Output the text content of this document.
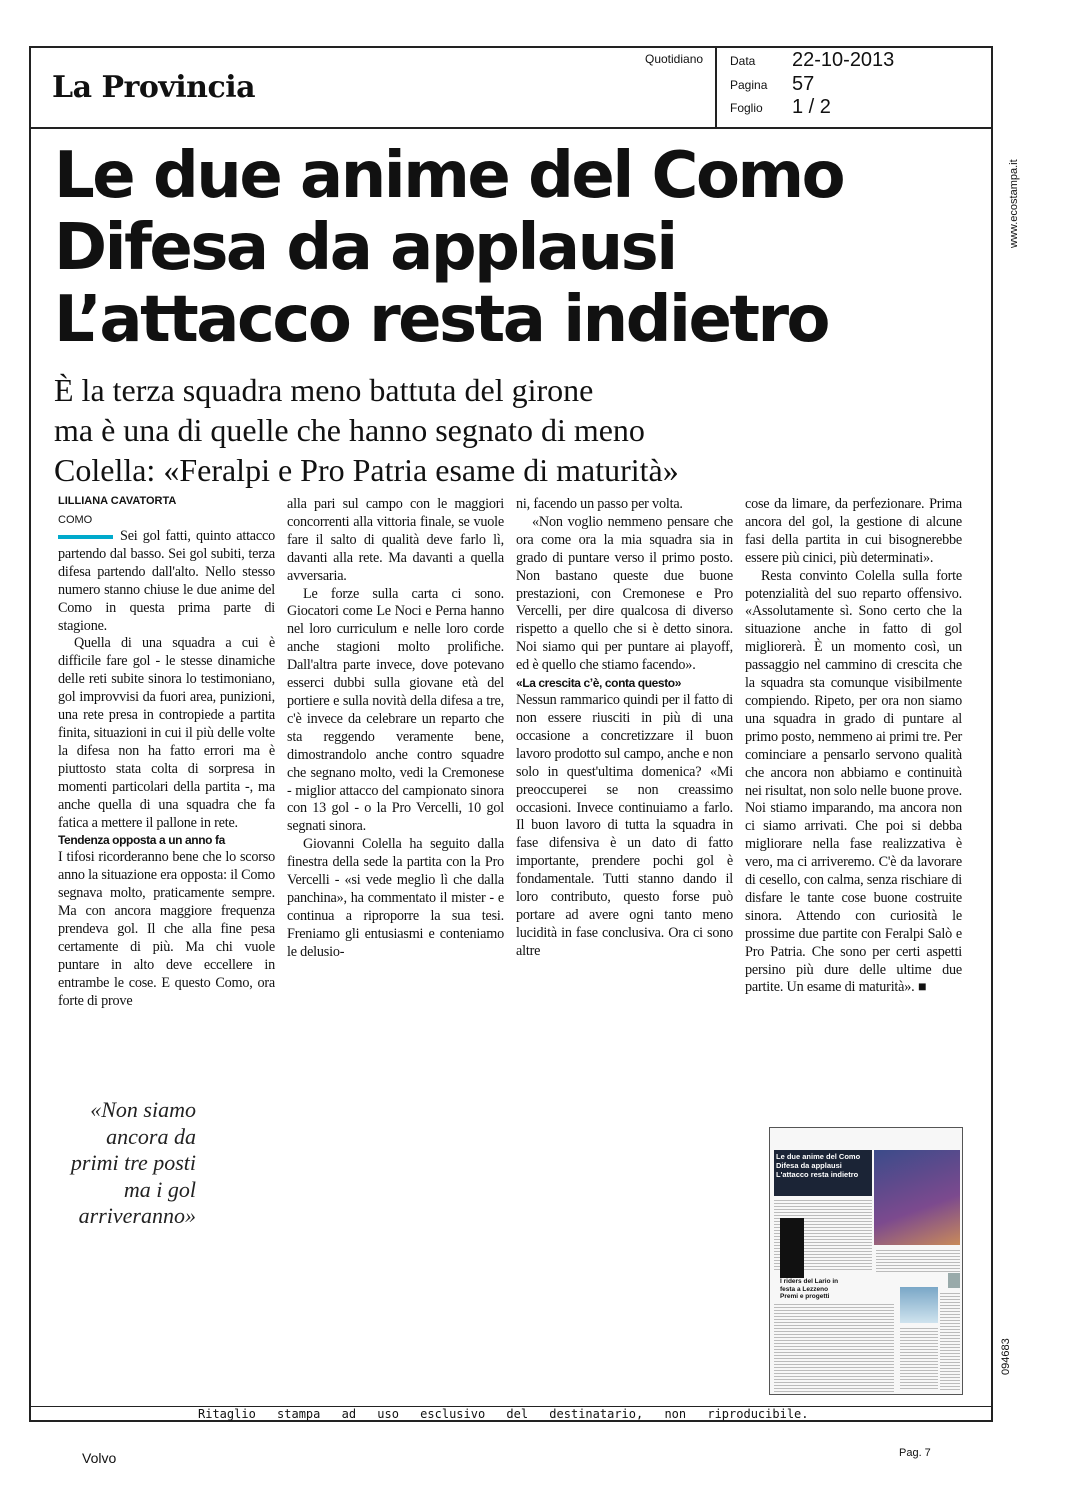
La Provincia
Quotidiano Data 22-10-2013
Pagina 57
Foglio 1 / 2
www.ecostampa.it
094683
Le due anime del Como
Difesa da applausi
L’attacco resta indietro
È la terza squadra meno battuta del girone
ma è una di quelle che hanno segnato di meno
Colella: «Feralpi e Pro Patria esame di maturità»
LILLIANA CAVATORTA
COMO

Sei gol fatti, quinto attacco partendo dal basso. Sei gol subiti, terza difesa partendo dall'alto. Nello stesso numero stanno chiuse le due anime del Como in questa prima parte di stagione.

Quella di una squadra a cui è difficile fare gol - le stesse dinamiche delle reti subite sinora lo testimoniano, gol improvvisi da fuori area, punizioni, una rete presa in contropiede a partita finita, situazioni in cui il più delle volte la difesa non ha fatto errori ma è piuttosto stata colta di sorpresa in momenti particolari della partita -, ma anche quella di una squadra che fa fatica a mettere il pallone in rete.

Tendenza opposta a un anno fa

I tifosi ricorderanno bene che lo scorso anno la situazione era opposta: il Como segnava molto, praticamente sempre. Ma con ancora maggiore frequenza prendeva gol. Il che alla fine pesa certamente di più. Ma chi vuole puntare in alto deve eccellere in entrambe le cose. E questo Como, ora forte di prove

alla pari sul campo con le maggiori concorrenti alla vittoria finale, se vuole fare il salto di qualità deve farlo lì, davanti alla rete. Ma davanti a quella avversaria.

Le forze sulla carta ci sono. Giocatori come Le Noci e Perna hanno nel loro curriculum e nelle loro corde anche stagioni molto prolifiche. Dall'altra parte invece, dove potevano esserci dubbi sulla giovane età del portiere e sulla novità della difesa a tre, c'è invece da celebrare un reparto che sta reggendo veramente bene, dimostrandolo anche contro squadre che segnano molto, vedi la Cremonese - miglior attacco del campionato sinora con 13 gol - o la Pro Vercelli, 10 gol segnati sinora.

Giovanni Colella ha seguito dalla finestra della sede la partita con la Pro Vercelli - «si vede meglio lì che dalla panchina», ha commentato il mister - e continua a riproporre la sua tesi. Freniamo gli entusiasmi e conteniamo le delusio-

ni, facendo un passo per volta.

«Non voglio nemmeno pensare che ora come ora la mia squadra sia in grado di puntare verso il primo posto. Non bastano queste due buone prestazioni, con Cremonese e Pro Vercelli, per dire qualcosa di diverso rispetto a quello che si è detto sinora. Noi siamo qui per puntare ai playoff, ed è quello che stiamo facendo».

«La crescita c’è, conta questo»

Nessun rammarico quindi per il fatto di non essere riusciti in più di una occasione a concretizzare il buon lavoro prodotto sul campo, anche e non solo in quest'ultima domenica? «Mi preoccuperei se non creassimo occasioni. Invece continuiamo a farlo. Il buon lavoro di tutta la squadra in fase difensiva è un dato di fatto importante, prendere pochi gol è fondamentale. Tutti stanno dando il loro contributo, questo forse può portare ad avere ogni tanto meno lucidità in fase conclusiva. Ora ci sono altre

cose da limare, da perfezionare. Prima ancora del gol, la gestione di alcune fasi della partita in cui bisognerebbe essere più cinici, più determinati».

Resta convinto Colella sulla forte potenzialità del suo reparto offensivo. «Assolutamente sì. Sono certo che la situazione anche in fatto di gol migliorerà. È un momento così, un passaggio nel cammino di crescita che la squadra sta comunque visibilmente compiendo. Ripeto, per ora non siamo una squadra in grado di puntare al primo posto, nemmeno ai primi tre. Per cominciare a pensarlo servono qualità che ancora non abbiamo e continuità nei risultat, non solo nelle buone prove. Noi stiamo imparando, ma ancora non ci siamo arrivati. Che poi si debba migliorare nella fase realizzativa è vero, ma ci arriveremo. C'è da lavorare di cesello, con calma, senza rischiare di disfare le tante cose buone costruite sinora. Attendo con curiosità le prossime due partite con Feralpi Salò e Pro Patria. Che sono per certi aspetti persino più dure delle ultime due partite. Un esame di maturità». ■

«Non siamo ancora da primi tre posti ma i gol arriveranno»
Le due anime del Como Difesa da applausi L'attacco resta indietro
I riders del Lario in festa a Lezzeno Premi e progetti
Ritaglio stampa ad uso esclusivo del destinatario, non riproducibile.
Volvo	Pag. 7
